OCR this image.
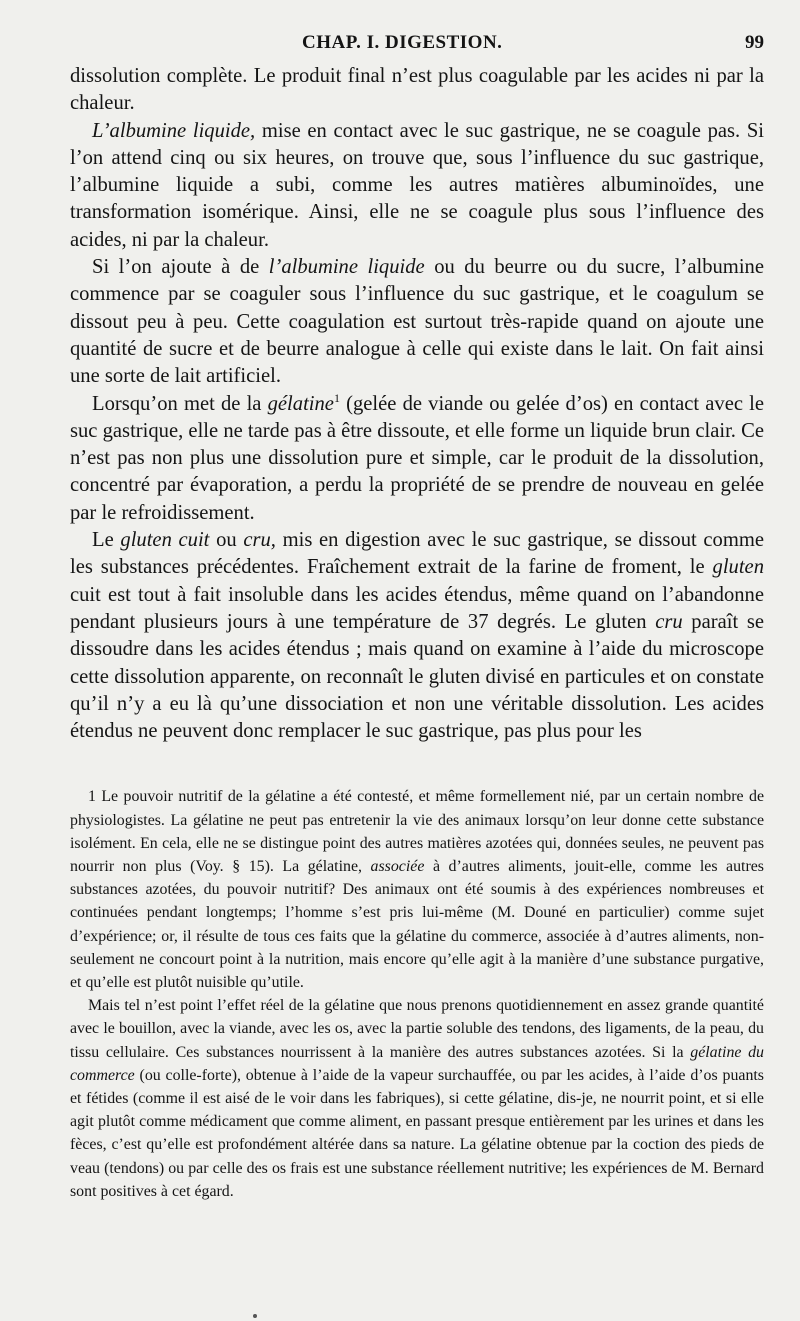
CHAP. I. DIGESTION.	99

dissolution complète. Le produit final n’est plus coagulable par les acides ni par la chaleur.

L’albumine liquide, mise en contact avec le suc gastrique, ne se coagule pas. Si l’on attend cinq ou six heures, on trouve que, sous l’influence du suc gastrique, l’albumine liquide a subi, comme les autres matières albuminoïdes, une transformation isomérique. Ainsi, elle ne se coagule plus sous l’influence des acides, ni par la chaleur.

Si l’on ajoute à de l’albumine liquide ou du beurre ou du sucre, l’albumine commence par se coaguler sous l’influence du suc gastrique, et le coagulum se dissout peu à peu. Cette coagulation est surtout très-rapide quand on ajoute une quantité de sucre et de beurre analogue à celle qui existe dans le lait. On fait ainsi une sorte de lait artificiel.

Lorsqu’on met de la gélatine$^1$ (gelée de viande ou gelée d’os) en contact avec le suc gastrique, elle ne tarde pas à être dissoute, et elle forme un liquide brun clair. Ce n’est pas non plus une dissolution pure et simple, car le produit de la dissolution, concentré par évaporation, a perdu la propriété de se prendre de nouveau en gelée par le refroidissement.

Le gluten cuit ou cru, mis en digestion avec le suc gastrique, se dissout comme les substances précédentes. Fraîchement extrait de la farine de froment, le gluten cuit est tout à fait insoluble dans les acides étendus, même quand on l’abandonne pendant plusieurs jours à une température de 37 degrés. Le gluten cru paraît se dissoudre dans les acides étendus ; mais quand on examine à l’aide du microscope cette dissolution apparente, on reconnaît le gluten divisé en particules et on constate qu’il n’y a eu là qu’une dissociation et non une véritable dissolution. Les acides étendus ne peuvent donc remplacer le suc gastrique, pas plus pour les

1 Le pouvoir nutritif de la gélatine a été contesté, et même formellement nié, par un certain nombre de physiologistes. La gélatine ne peut pas entretenir la vie des animaux lorsqu’on leur donne cette substance isolément. En cela, elle ne se distingue point des autres matières azotées qui, données seules, ne peuvent pas nourrir non plus (Voy. § 15). La gélatine, associée à d’autres aliments, jouit-elle, comme les autres substances azotées, du pouvoir nutritif? Des animaux ont été soumis à des expériences nombreuses et continuées pendant longtemps; l’homme s’est pris lui-même (M. Douné en particulier) comme sujet d’expérience; or, il résulte de tous ces faits que la gélatine du commerce, associée à d’autres aliments, non-seulement ne concourt point à la nutrition, mais encore qu’elle agit à la manière d’une substance purgative, et qu’elle est plutôt nuisible qu’utile.

Mais tel n’est point l’effet réel de la gélatine que nous prenons quotidiennement en assez grande quantité avec le bouillon, avec la viande, avec les os, avec la partie soluble des tendons, des ligaments, de la peau, du tissu cellulaire. Ces substances nourrissent à la manière des autres substances azotées. Si la gélatine du commerce (ou colle-forte), obtenue à l’aide de la vapeur surchauffée, ou par les acides, à l’aide d’os puants et fétides (comme il est aisé de le voir dans les fabriques), si cette gélatine, dis-je, ne nourrit point, et si elle agit plutôt comme médicament que comme aliment, en passant presque entièrement par les urines et dans les fèces, c’est qu’elle est profondément altérée dans sa nature. La gélatine obtenue par la coction des pieds de veau (tendons) ou par celle des os frais est une substance réellement nutritive; les expériences de M. Bernard sont positives à cet égard.
